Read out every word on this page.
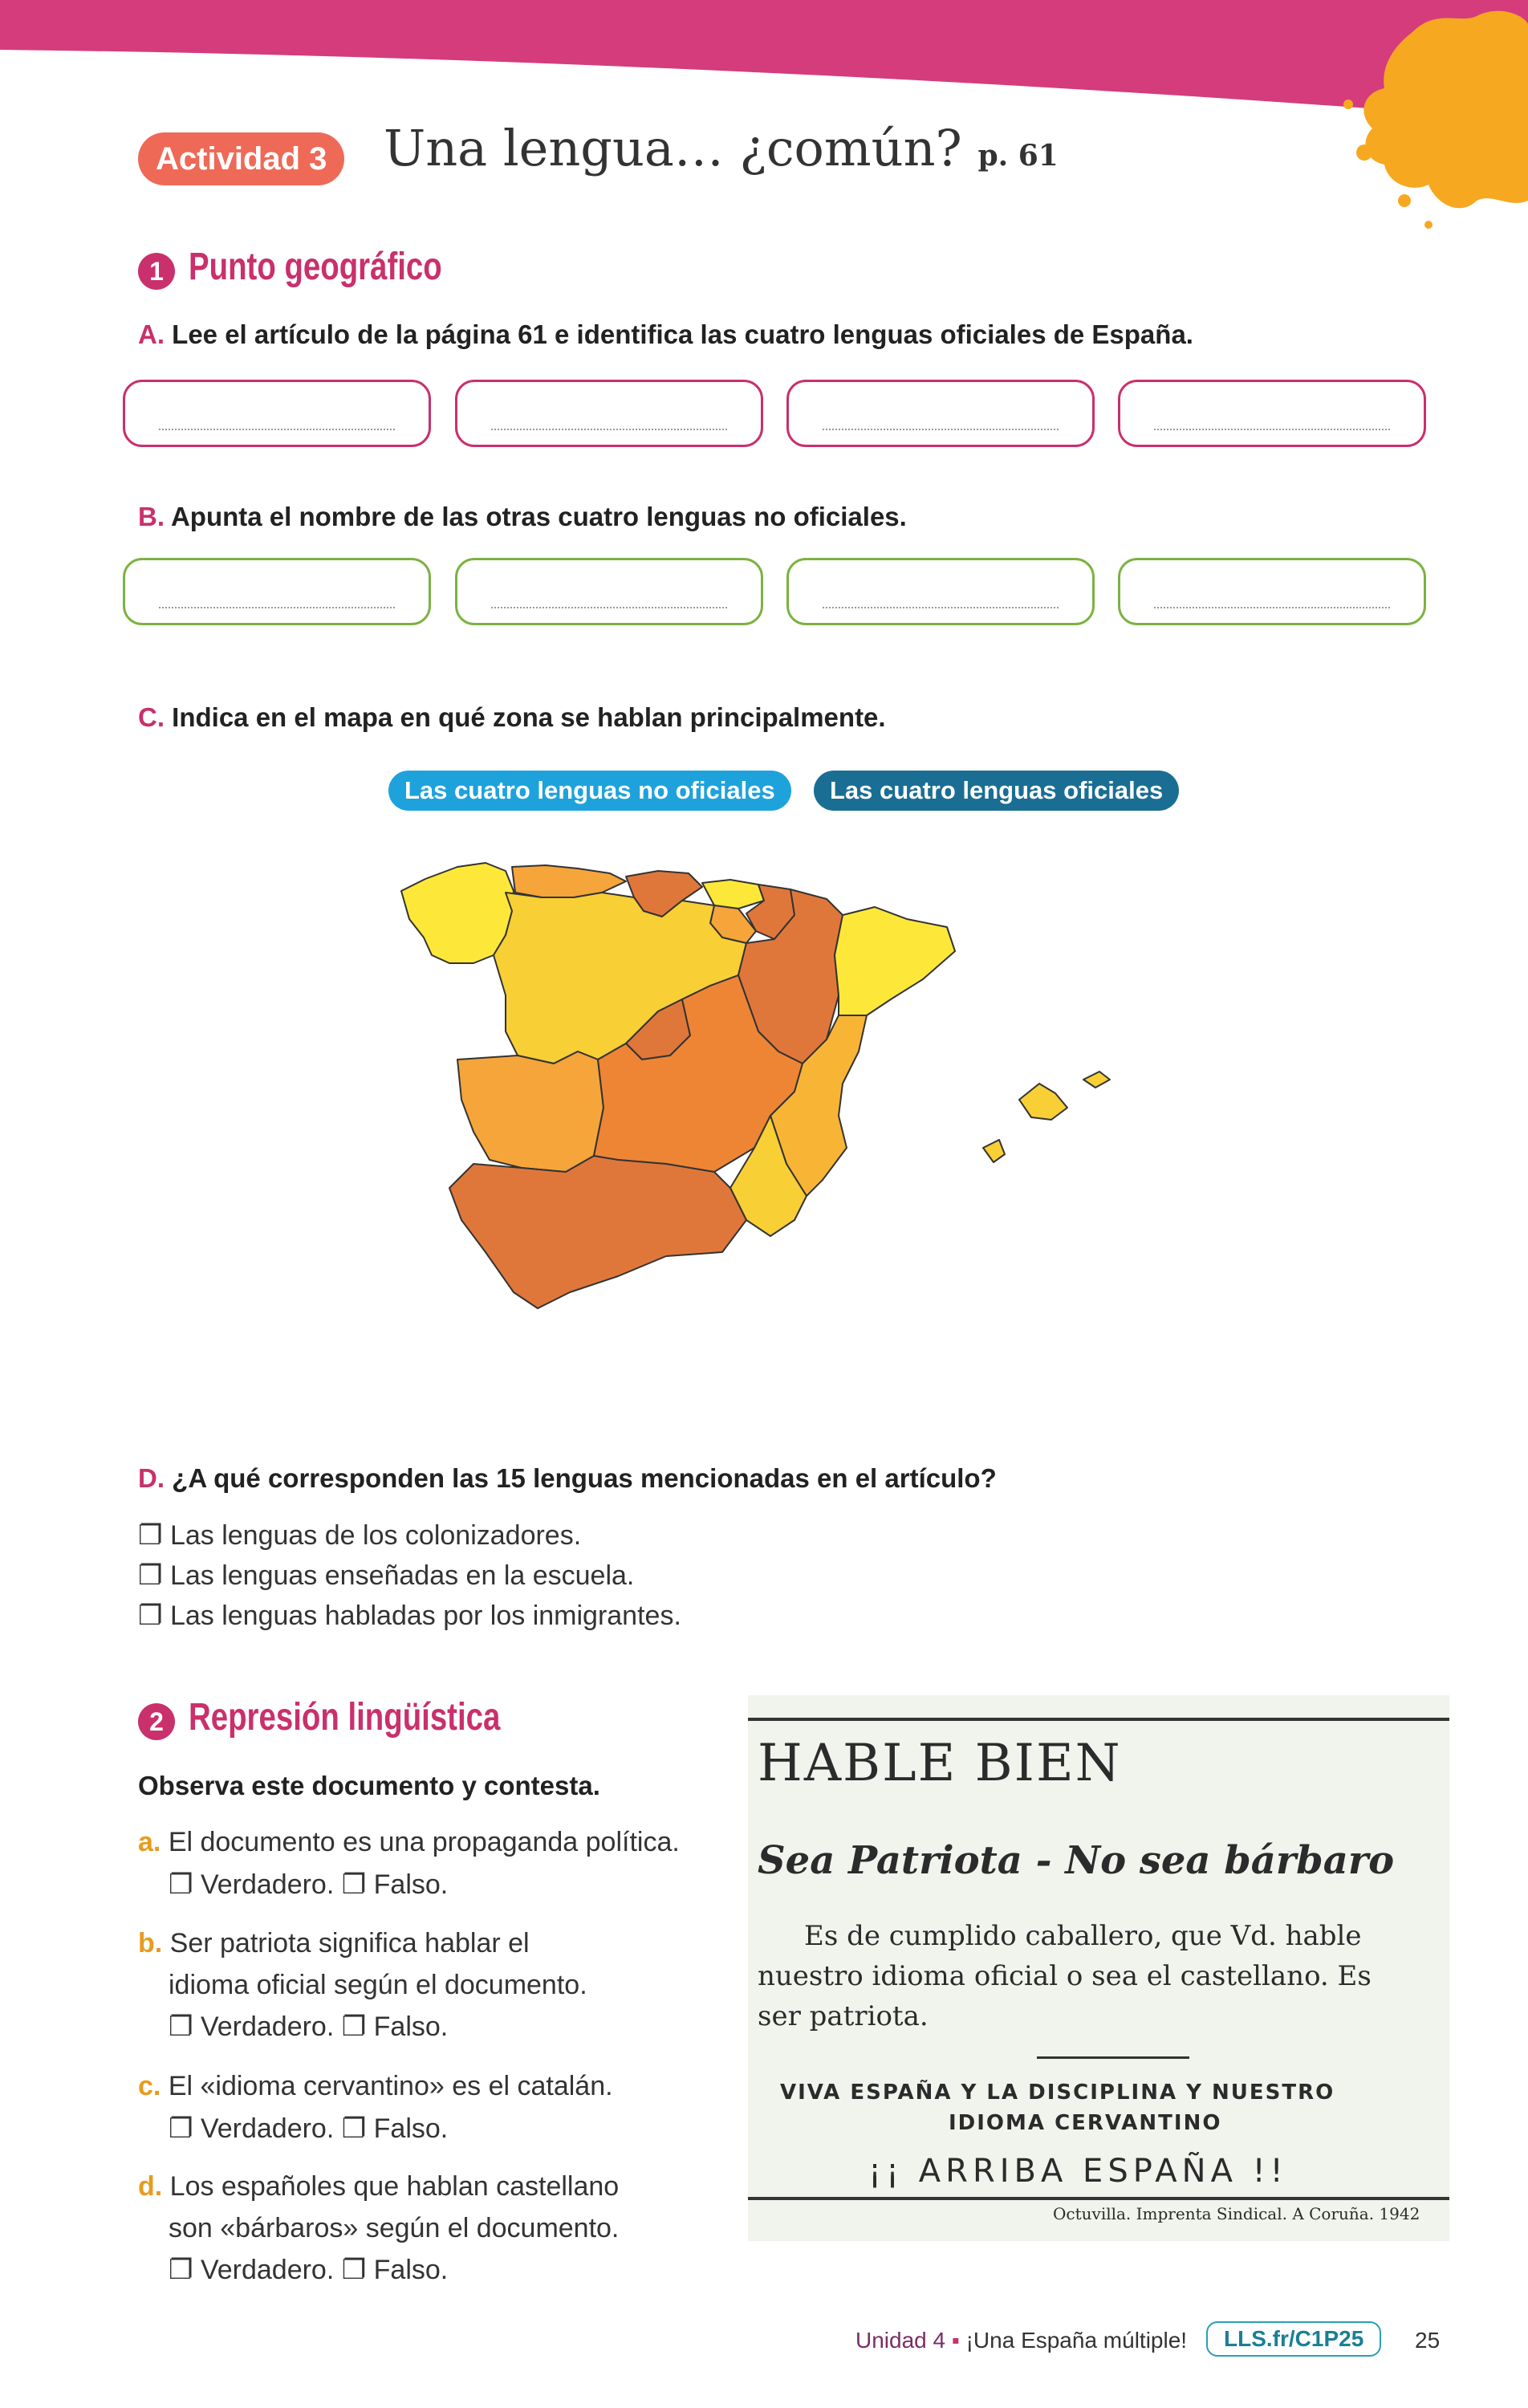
Actividad 3	Una lengua… ¿común? p. 61
1 Punto geográfico
A. Lee el artículo de la página 61 e identifica las cuatro lenguas oficiales de España.
B. Apunta el nombre de las otras cuatro lenguas no oficiales.
C. Indica en el mapa en qué zona se hablan principalmente.
Las cuatro lenguas no oficiales	Las cuatro lenguas oficiales
D. ¿A qué corresponden las 15 lenguas mencionadas en el artículo?
❐ Las lenguas de los colonizadores.
❐ Las lenguas enseñadas en la escuela.
❐ Las lenguas habladas por los inmigrantes.
2 Represión lingüística
Observa este documento y contesta.
a. El documento es una propaganda política.
❐ Verdadero. ❐ Falso.
b. Ser patriota significa hablar el
idioma oficial según el documento.
❐ Verdadero. ❐ Falso.
c. El «idioma cervantino» es el catalán.
❐ Verdadero. ❐ Falso.
d. Los españoles que hablan castellano
son «bárbaros» según el documento.
❐ Verdadero. ❐ Falso.
HABLE BIEN
Sea Patriota - No sea bárbaro
Es de cumplido caballero, que Vd. hable
nuestro idioma oficial o sea el castellano. Es
ser patriota.
VIVA ESPAÑA Y LA DISCIPLINA Y NUESTRO
IDIOMA CERVANTINO
¡¡ ARRIBA ESPAÑA !!
Octuvilla. Imprenta Sindical. A Coruña. 1942
Unidad 4 ▪ ¡Una España múltiple!	LLS.fr/C1P25	25
